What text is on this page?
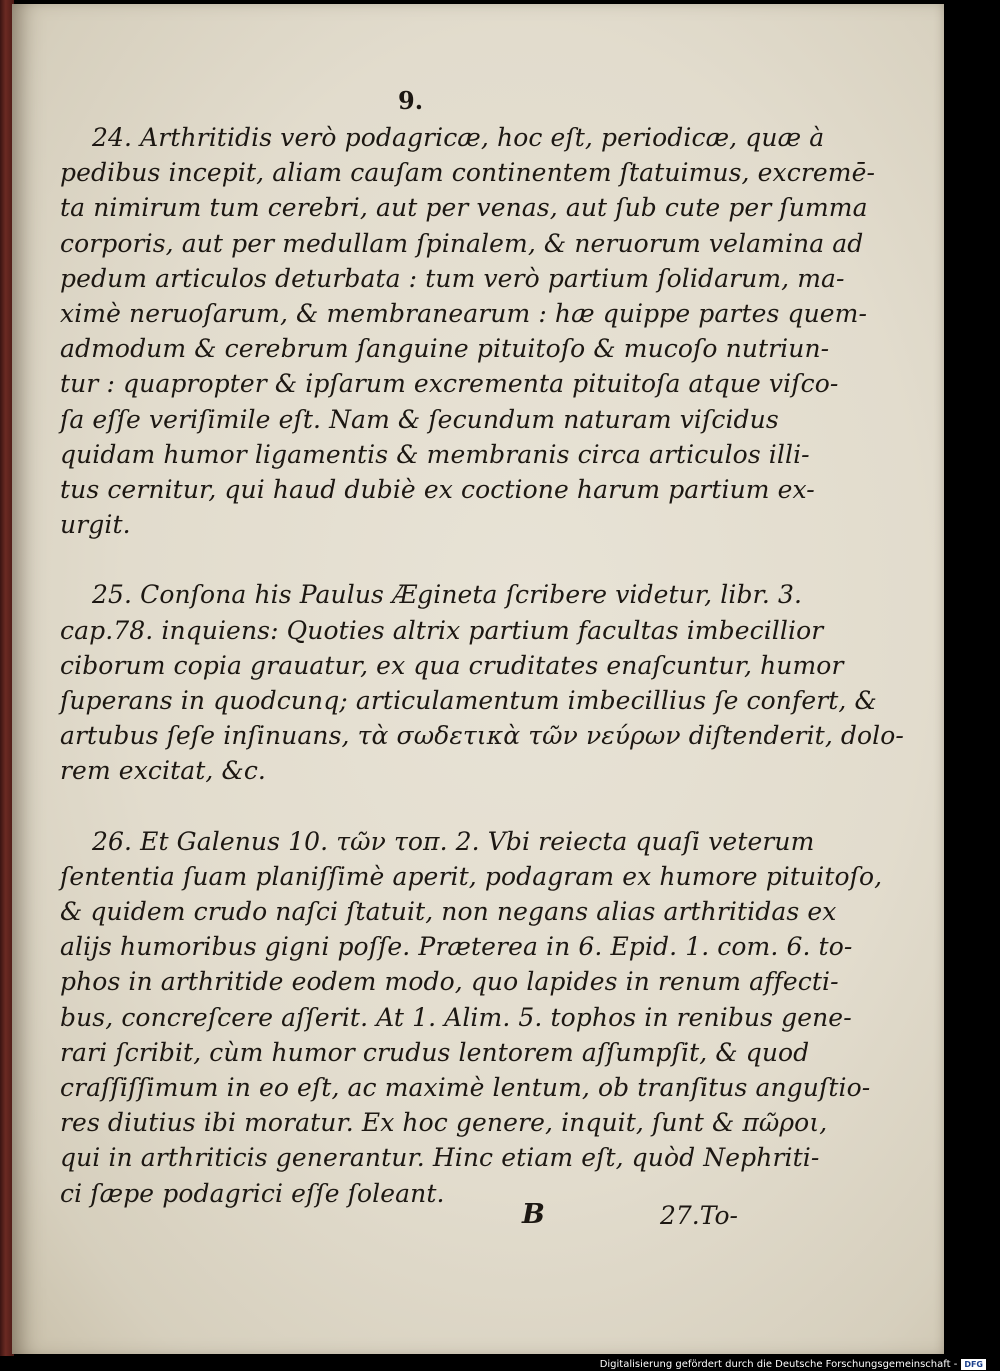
9.

24. Arthritidis verò podagricæ, hoc eſt, periodicæ, quæ à
pedibus incepit, aliam cauſam continentem ſtatuimus, excremē-
ta nimirum tum cerebri, aut per venas, aut ſub cute per ſumma
corporis, aut per medullam ſpinalem, & neruorum velamina ad
pedum articulos deturbata : tum verò partium ſolidarum, ma-
ximè neruoſarum, & membranearum : hæ quippe partes quem-
admodum & cerebrum ſanguine pituitoſo & mucoſo nutriun-
tur : quapropter & ipſarum excrementa pituitoſa atque viſco-
ſa eſſe veriſimile eſt. Nam & ſecundum naturam viſcidus
quidam humor ligamentis & membranis circa articulos illi-
tus cernitur, qui haud dubiè ex coctione harum partium ex-
urgit.

25. Conſona his Paulus Ægineta ſcribere videtur, libr. 3.
cap.78. inquiens: Quoties altrix partium facultas imbecillior
ciborum copia grauatur, ex qua cruditates enaſcuntur, humor
ſuperans in quodcunq; articulamentum imbecillius ſe confert, &
artubus ſeſe inſinuans, τὰ σωδετικὰ τῶν νεύρων diſtenderit, dolo-
rem excitat, &c.

26. Et Galenus 10. τῶν τοπ. 2. Vbi reiecta quaſi veterum
ſententia ſuam planiſſimè aperit, podagram ex humore pituitoſo,
& quidem crudo naſci ſtatuit, non negans alias arthritidas ex
alijs humoribus gigni poſſe. Præterea in 6. Epid. 1. com. 6. to-
phos in arthritide eodem modo, quo lapides in renum affecti-
bus, concreſcere aſſerit. At 1. Alim. 5. tophos in renibus gene-
rari ſcribit, cùm humor crudus lentorem aſſumpſit, & quod
craſſiſſimum in eo eſt, ac maximè lentum, ob tranſitus anguſtio-
res diutius ibi moratur. Ex hoc genere, inquit, ſunt & πῶροι,
qui in arthriticis generantur. Hinc etiam eſt, quòd Nephriti-
ci ſæpe podagrici eſſe ſoleant.

B	27.To-
Digitalisierung gefördert durch die Deutsche Forschungsgemeinschaft - DFG
